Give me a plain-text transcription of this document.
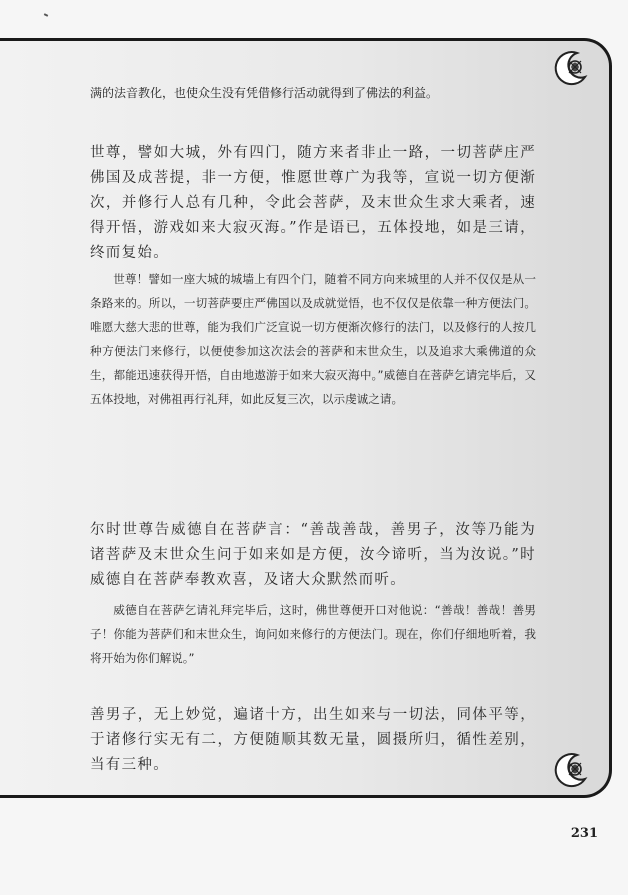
满的法音教化，也使众生没有凭借修行活动就得到了佛法的利益。

世尊，譬如大城，外有四门，随方来者非止一路，一切菩萨庄严佛国及成菩提，非一方便，惟愿世尊广为我等，宣说一切方便渐次，并修行人总有几种，令此会菩萨，及末世众生求大乘者，速得开悟，游戏如来大寂灭海。”作是语已，五体投地，如是三请，终而复始。

世尊！譬如一座大城的城墙上有四个门，随着不同方向来城里的人并不仅仅是从一条路来的。所以，一切菩萨要庄严佛国以及成就觉悟，也不仅仅是依靠一种方便法门。唯愿大慈大悲的世尊，能为我们广泛宣说一切方便渐次修行的法门，以及修行的人按几种方便法门来修行，以便使参加这次法会的菩萨和末世众生，以及追求大乘佛道的众生，都能迅速获得开悟，自由地遨游于如来大寂灭海中。”威德自在菩萨乞请完毕后，又五体投地，对佛祖再行礼拜，如此反复三次，以示虔诚之请。

尔时世尊告威德自在菩萨言：“善哉善哉，善男子，汝等乃能为诸菩萨及末世众生问于如来如是方便，汝今谛听，当为汝说。”时威德自在菩萨奉教欢喜，及诸大众默然而听。

威德自在菩萨乞请礼拜完毕后，这时，佛世尊便开口对他说：“善哉！善哉！善男子！你能为菩萨们和末世众生，询问如来修行的方便法门。现在，你们仔细地听着，我将开始为你们解说。”

善男子，无上妙觉，遍诸十方，出生如来与一切法，同体平等，于诸修行实无有二，方便随顺其数无量，圆摄所归，循性差别，当有三种。

231
